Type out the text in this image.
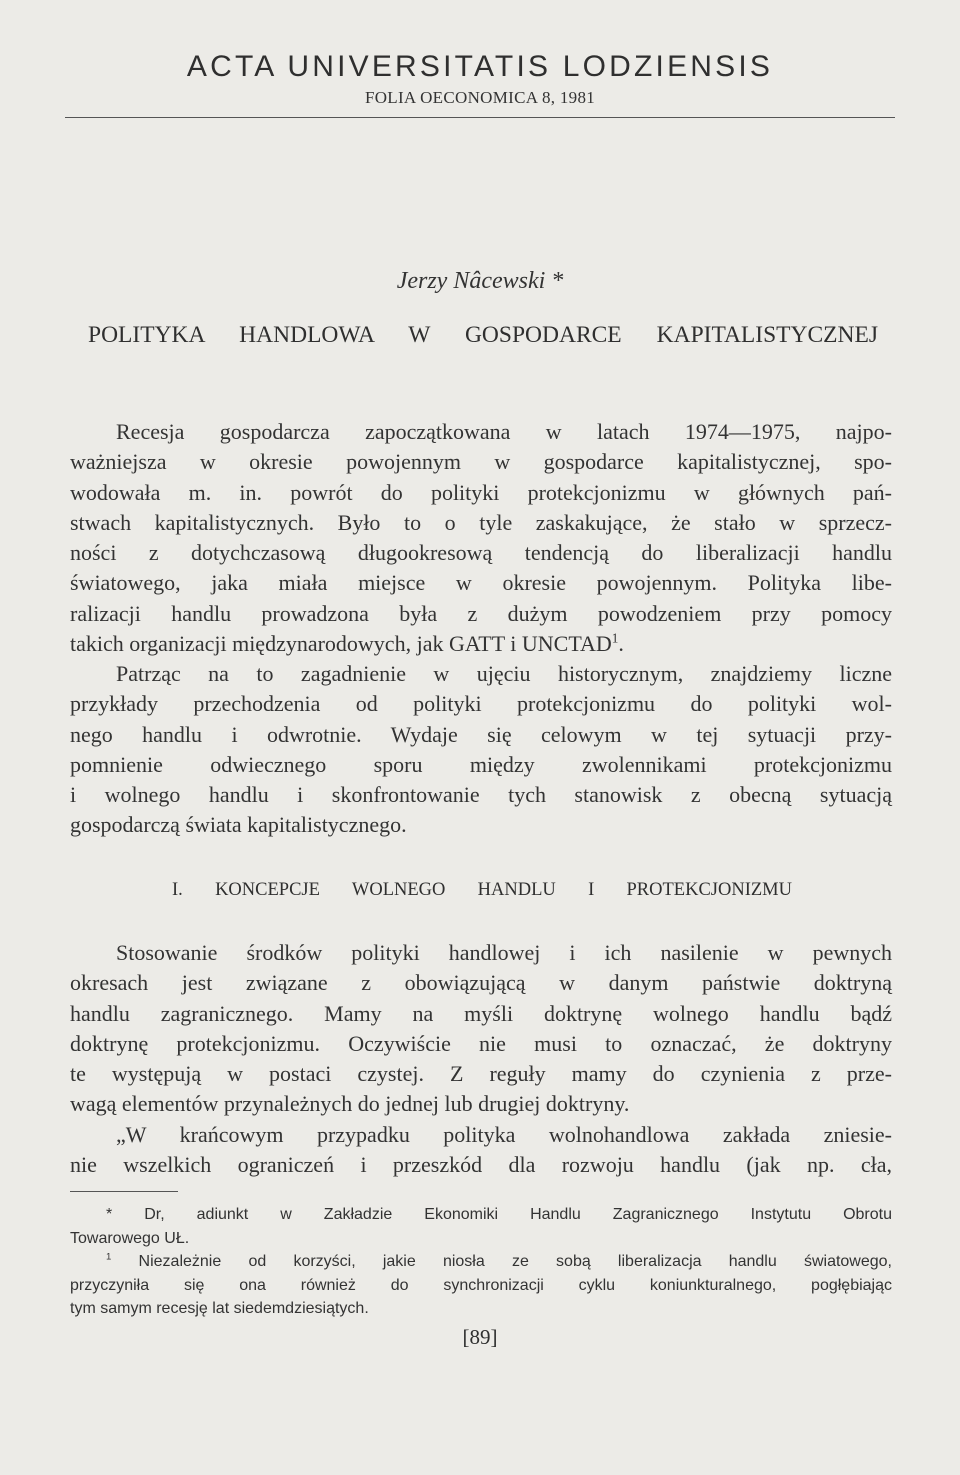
ACTA UNIVERSITATIS LODZIENSIS
FOLIA OECONOMICA 8, 1981
Jerzy Nâcewski *
POLITYKA HANDLOWA W GOSPODARCE KAPITALISTYCZNEJ
Recesja gospodarcza zapoczątkowana w latach 1974—1975, najpo-
ważniejsza w okresie powojennym w gospodarce kapitalistycznej, spo-
wodowała m. in. powrót do polityki protekcjonizmu w głównych pań-
stwach kapitalistycznych. Było to o tyle zaskakujące, że stało w sprzecz-
ności z dotychczasową długookresową tendencją do liberalizacji handlu
światowego, jaka miała miejsce w okresie powojennym. Polityka libe-
ralizacji handlu prowadzona była z dużym powodzeniem przy pomocy
takich organizacji międzynarodowych, jak GATT i UNCTAD$^1$.
Patrząc na to zagadnienie w ujęciu historycznym, znajdziemy liczne
przykłady przechodzenia od polityki protekcjonizmu do polityki wol-
nego handlu i odwrotnie. Wydaje się celowym w tej sytuacji przy-
pomnienie odwiecznego sporu między zwolennikami protekcjonizmu
i wolnego handlu i skonfrontowanie tych stanowisk z obecną sytuacją
gospodarczą świata kapitalistycznego.
I. KONCEPCJE WOLNEGO HANDLU I PROTEKCJONIZMU
Stosowanie środków polityki handlowej i ich nasilenie w pewnych
okresach jest związane z obowiązującą w danym państwie doktryną
handlu zagranicznego. Mamy na myśli doktrynę wolnego handlu bądź
doktrynę protekcjonizmu. Oczywiście nie musi to oznaczać, że doktryny
te występują w postaci czystej. Z reguły mamy do czynienia z prze-
wagą elementów przynależnych do jednej lub drugiej doktryny.
„W krańcowym przypadku polityka wolnohandlowa zakłada zniesie-
nie wszelkich ograniczeń i przeszkód dla rozwoju handlu (jak np. cła,
* Dr, adiunkt w Zakładzie Ekonomiki Handlu Zagranicznego Instytutu Obrotu
Towarowego UŁ.
$^1$ Niezależnie od korzyści, jakie niosła ze sobą liberalizacja handlu światowego,
przyczyniła się ona również do synchronizacji cyklu koniunkturalnego, pogłębiając
tym samym recesję lat siedemdziesiątych.
[89]
